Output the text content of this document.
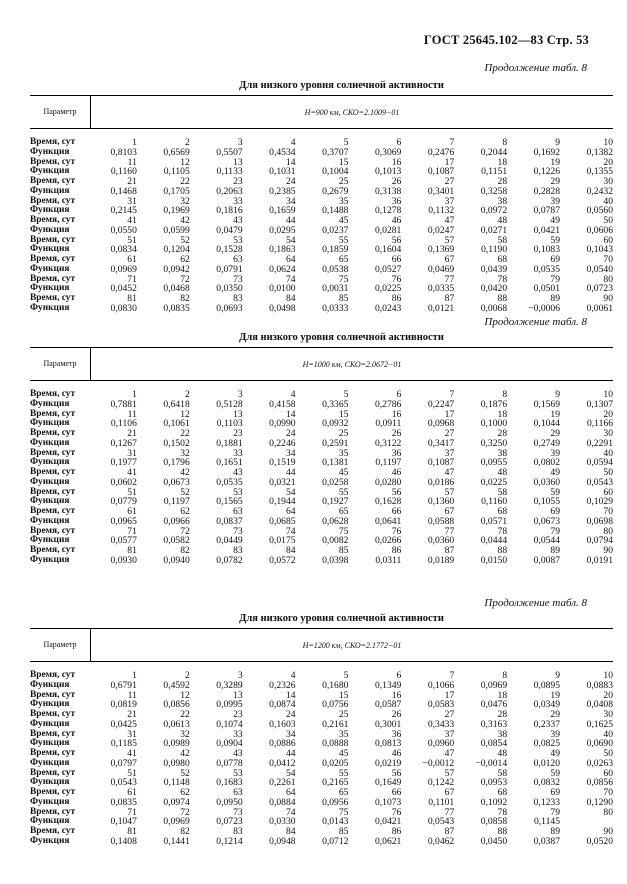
ГОСТ 25645.102—83 Стр. 53
Продолжение табл. 8
Для низкого уровня солнечной активности
Параметр	H=900 км, СКО=2.1009−01
Время, сут	1	2	3	4	5	6	7	8	9	10
Функция	0,8103	0,6569	0,5507	0,4534	0,3707	0,3069	0,2476	0,2044	0,1692	0,1382
Время, сут	11	12	13	14	15	16	17	18	19	20
Функция	0,1160	0,1105	0,1133	0,1031	0,1004	0,1013	0,1087	0,1151	0,1226	0,1355
Время, сут	21	22	23	24	25	26	27	28	29	30
Функция	0,1468	0,1705	0,2063	0,2385	0,2679	0,3138	0,3401	0,3258	0,2828	0,2432
Время, сут	31	32	33	34	35	36	37	38	39	40
Функция	0,2145	0,1969	0,1816	0,1659	0,1488	0,1278	0,1132	0,0972	0,0787	0,0560
Время, сут	41	42	43	44	45	46	47	48	49	50
Функция	0,0550	0,0599	0,0479	0,0295	0,0237	0,0281	0,0247	0,0271	0,0421	0,0606
Время, сут	51	52	53	54	55	56	57	58	59	60
Функция	0,0834	0,1204	0,1528	0,1863	0,1859	0,1604	0,1369	0,1190	0,1083	0,1043
Время, сут	61	62	63	64	65	66	67	68	69	70
Функция	0,0969	0,0942	0,0791	0,0624	0,0538	0,0527	0,0469	0,0439	0,0535	0,0540
Время, сут	71	72	73	74	75	76	77	78	79	80
Функция	0,0452	0,0468	0,0350	0,0100	0,0031	0,0225	0,0335	0,0420	0,0501	0,0723
Время, сут	81	82	83	84	85	86	87	88	89	90
Функция	0,0830	0,0835	0,0693	0,0498	0,0333	0,0243	0,0121	0,0068	−0,0006	0,0061
Продолжение табл. 8
Для низкого уровня солнечной активности
Параметр	H=1000 км, СКО=2.0672−01
Время, сут	1	2	3	4	5	6	7	8	9	10
Функция	0,7881	0,6418	0,5128	0,4158	0,3365	0,2786	0,2247	0,1876	0,1569	0,1307
Время, сут	11	12	13	14	15	16	17	18	19	20
Функция	0,1106	0,1061	0,1103	0,0990	0,0932	0,0911	0,0968	0,1000	0,1044	0,1166
Время, сут	21	22	23	24	25	26	27	28	29	30
Функция	0,1267	0,1502	0,1881	0,2246	0,2591	0,3122	0,3417	0,3250	0,2749	0,2291
Время, сут	31	32	33	34	35	36	37	38	39	40
Функция	0,1977	0,1796	0,1651	0,1519	0,1381	0,1197	0,1087	0,0955	0,0802	0,0594
Время, сут	41	42	43	44	45	46	47	48	49	50
Функция	0,0602	0,0673	0,0535	0,0321	0,0258	0,0280	0,0186	0,0225	0,0360	0,0543
Время, сут	51	52	53	54	55	56	57	58	59	60
Функция	0,0779	0,1197	0,1565	0,1944	0,1927	0,1628	0,1360	0,1160	0,1055	0,1029
Время, сут	61	62	63	64	65	66	67	68	69	70
Функция	0,0965	0,0966	0,0837	0,0685	0,0628	0,0641	0,0588	0,0571	0,0673	0,0698
Время, сут	71	72	73	74	75	76	77	78	79	80
Функция	0,0577	0,0582	0,0449	0,0175	0,0082	0,0266	0,0360	0,0444	0,0544	0,0794
Время, сут	81	82	83	84	85	86	87	88	89	90
Функция	0,0930	0,0940	0,0782	0,0572	0,0398	0,0311	0,0189	0,0150	0,0087	0,0191
Продолжение табл. 8
Для низкого уровня солнечной активности
Параметр	H=1200 км, СКО=2.1772−01
Время, сут	1	2	3	4	5	6	7	8	9	10
Функция	0,6791	0,4592	0,3289	0,2326	0,1680	0,1349	0,1066	0,0969	0,0895	0,0883
Время, сут	11	12	13	14	15	16	17	18	19	20
Функция	0,0819	0,0856	0,0995	0,0874	0,0756	0,0587	0,0583	0,0476	0,0349	0,0408
Время, сут	21	22	23	24	25	26	27	28	29	30
Функция	0,0425	0,0613	0,1074	0,1603	0,2161	0,3001	0,3433	0,3163	0,2337	0,1625
Время, сут	31	32	33	34	35	36	37	38	39	40
Функция	0,1185	0,0989	0,0904	0,0886	0,0888	0,0813	0,0960	0,0854	0,0825	0,0690
Время, сут	41	42	43	44	45	46	47	48	49	50
Функция	0,0797	0,0980	0,0778	0,0412	0,0205	0,0219	−0,0012	−0,0014	0,0120	0,0263
Время, сут	51	52	53	54	55	56	57	58	59	60
Функция	0,0543	0,1148	0,1683	0,2261	0,2165	0,1649	0,1242	0,0953	0,0832	0,0856
Время, сут	61	62	63	64	65	66	67	68	69	70
Функция	0,0835	0,0974	0,0950	0,0884	0,0956	0,1073	0,1101	0,1092	0,1233	0,1290
Время, сут	71	72	73	74	75	76	77	78	79	80
Функция	0,1047	0,0969	0,0723	0,0330	0,0143	0,0421	0,0543	0,0858	0,1145	
Время, сут	81	82	83	84	85	86	87	88	89	90
Функция	0,1408	0,1441	0,1214	0,0948	0,0712	0,0621	0,0462	0,0450	0,0387	0,0520
